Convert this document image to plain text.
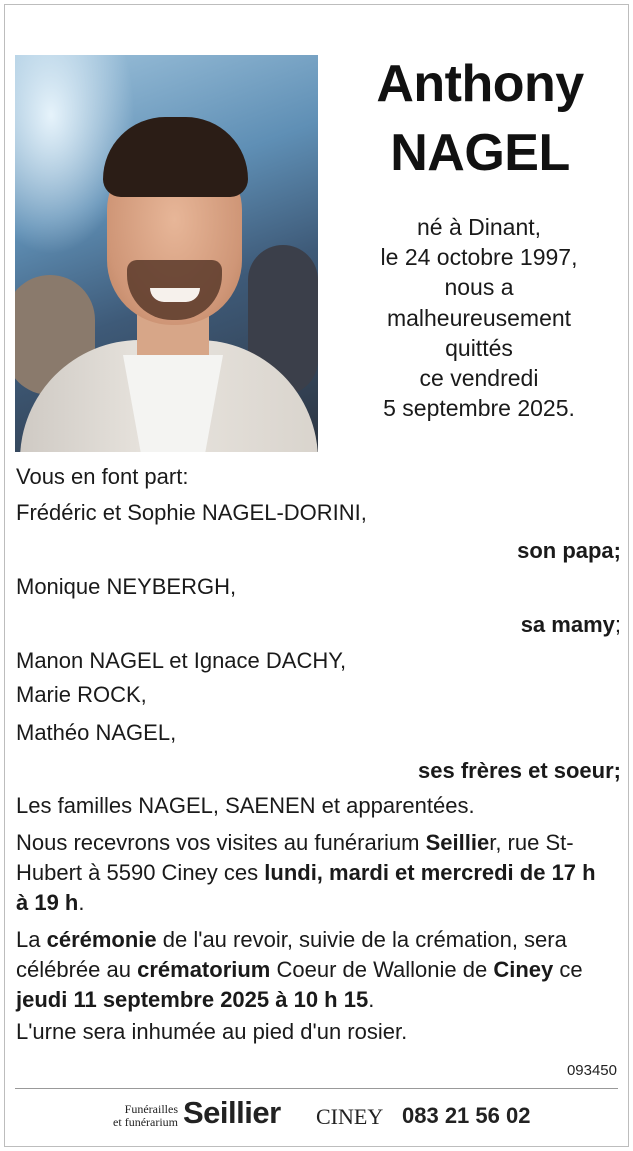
Anthony
NAGEL
né à Dinant,
le 24 octobre 1997,
nous a
malheureusement
quittés
ce vendredi
5 septembre 2025.
Vous en font part:
Frédéric et Sophie NAGEL-DORINI,
son papa;
Monique NEYBERGH,
sa mamy;
Manon NAGEL et Ignace DACHY,
Marie ROCK,
Mathéo NAGEL,
ses frères et soeur;
Les familles NAGEL, SAENEN et apparentées.
Nous recevrons vos visites au funérarium Seillier, rue St-Hubert à 5590 Ciney ces lundi, mardi et mercredi de 17 h à 19 h.
La cérémonie de l'au revoir, suivie de la crémation, sera célébrée au crématorium Coeur de Wallonie de Ciney ce jeudi 11 septembre 2025 à 10 h 15.
L'urne sera inhumée au pied d'un rosier.
093450
Funérailles
et funérarium Seillier CINEY 083 21 56 02
